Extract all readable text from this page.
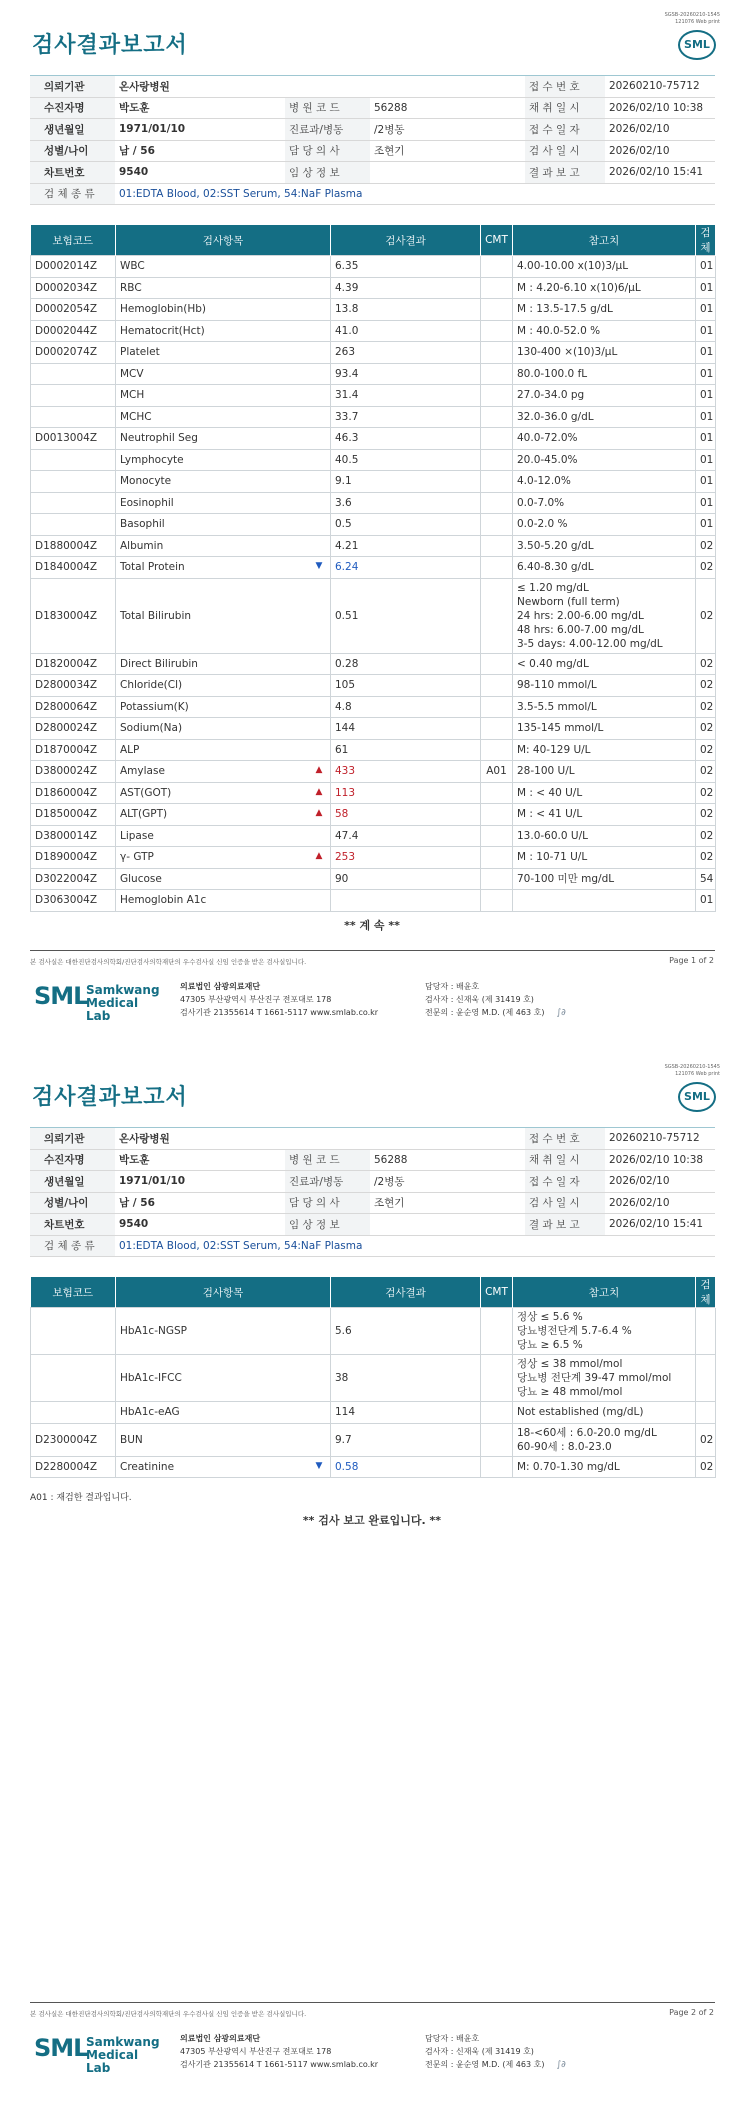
SGSB-20260210-1545
121076 Web print
검사결과보고서	SML
의뢰기관	온사랑병원			접 수 번 호	20260210-75712
수진자명	박도훈	병 원 코 드	56288	채 취 일 시	2026/02/10 10:38
생년월일	1971/01/10	진료과/병동	/2병동	접 수 일 자	2026/02/10
성별/나이	남 / 56	담 당 의 사	조현기	검 사 일 시	2026/02/10
차트번호	9540	임 상 정 보		결 과 보 고	2026/02/10 15:41
검 체 종 류	01:EDTA Blood, 02:SST Serum, 54:NaF Plasma				
보험코드	검사항목	검사결과	CMT	참고치	검체
D0002014Z	WBC	6.35		4.00-10.00 x(10)3/μL	01
D0002034Z	RBC	4.39		M : 4.20-6.10 x(10)6/μL	01
D0002054Z	Hemoglobin(Hb)	13.8		M : 13.5-17.5 g/dL	01
D0002044Z	Hematocrit(Hct)	41.0		M : 40.0-52.0 %	01
D0002074Z	Platelet	263		130-400 ×(10)3/μL	01
	MCV	93.4		80.0-100.0 fL	01
	MCH	31.4		27.0-34.0 pg	01
	MCHC	33.7		32.0-36.0 g/dL	01
D0013004Z	Neutrophil Seg	46.3		40.0-72.0%	01
	Lymphocyte	40.5		20.0-45.0%	01
	Monocyte	9.1		4.0-12.0%	01
	Eosinophil	3.6		0.0-7.0%	01
	Basophil	0.5		0.0-2.0 %	01
D1880004Z	Albumin	4.21		3.50-5.20 g/dL	02
D1840004Z	Total Protein ▼	6.24		6.40-8.30 g/dL	02
D1830004Z	Total Bilirubin	0.51		≤ 1.20 mg/dL
Newborn (full term)
24 hrs: 2.00-6.00 mg/dL
48 hrs: 6.00-7.00 mg/dL
3-5 days: 4.00-12.00 mg/dL	02
D1820004Z	Direct Bilirubin	0.28		< 0.40 mg/dL	02
D2800034Z	Chloride(Cl)	105		98-110 mmol/L	02
D2800064Z	Potassium(K)	4.8		3.5-5.5 mmol/L	02
D2800024Z	Sodium(Na)	144		135-145 mmol/L	02
D1870004Z	ALP	61		M: 40-129 U/L	02
D3800024Z	Amylase ▲	433	A01	28-100 U/L	02
D1860004Z	AST(GOT) ▲	113		M : < 40 U/L	02
D1850004Z	ALT(GPT) ▲	58		M : < 41 U/L	02
D3800014Z	Lipase	47.4		13.0-60.0 U/L	02
D1890004Z	γ- GTP ▲	253		M : 10-71 U/L	02
D3022004Z	Glucose	90		70-100 미만 mg/dL	54
D3063004Z	Hemoglobin A1c				01
** 계 속 **
본 검사실은 대한진단검사의학회/진단검사의학재단의 우수검사실 신임 인증을 받은 검사실입니다.	Page 1 of 2
SML
Samkwang
Medical Lab
의료법인 삼광의료재단
47305 부산광역시 부산진구 전포대로 178
검사기관 21355614 T 1661-5117 www.smlab.co.kr
담당자 : 배윤호
검사자 : 신재욱 (제 31419 호)
전문의 : 윤순영 M.D. (제 463 호) ∫∂
SGSB-20260210-1545
121076 Web print
검사결과보고서	SML
의뢰기관	온사랑병원			접 수 번 호	20260210-75712
수진자명	박도훈	병 원 코 드	56288	채 취 일 시	2026/02/10 10:38
생년월일	1971/01/10	진료과/병동	/2병동	접 수 일 자	2026/02/10
성별/나이	남 / 56	담 당 의 사	조현기	검 사 일 시	2026/02/10
차트번호	9540	임 상 정 보		결 과 보 고	2026/02/10 15:41
검 체 종 류	01:EDTA Blood, 02:SST Serum, 54:NaF Plasma				
보험코드	검사항목	검사결과	CMT	참고치	검체
	HbA1c-NGSP	5.6		정상 ≤ 5.6 %
당뇨병전단계 5.7-6.4 %
당뇨 ≥ 6.5 %	
	HbA1c-IFCC	38		정상 ≤ 38 mmol/mol
당뇨병 전단계 39-47 mmol/mol
당뇨 ≥ 48 mmol/mol	
	HbA1c-eAG	114		Not established (mg/dL)	
D2300004Z	BUN	9.7		18-<60세 : 6.0-20.0 mg/dL
60-90세 : 8.0-23.0	02
D2280004Z	Creatinine ▼	0.58		M: 0.70-1.30 mg/dL	02
A01 : 재검한 결과입니다.
** 검사 보고 완료입니다. **
본 검사실은 대한진단검사의학회/진단검사의학재단의 우수검사실 신임 인증을 받은 검사실입니다.	Page 2 of 2
SML
Samkwang
Medical Lab
의료법인 삼광의료재단
47305 부산광역시 부산진구 전포대로 178
검사기관 21355614 T 1661-5117 www.smlab.co.kr
담당자 : 배윤호
검사자 : 신재욱 (제 31419 호)
전문의 : 윤순영 M.D. (제 463 호) ∫∂
